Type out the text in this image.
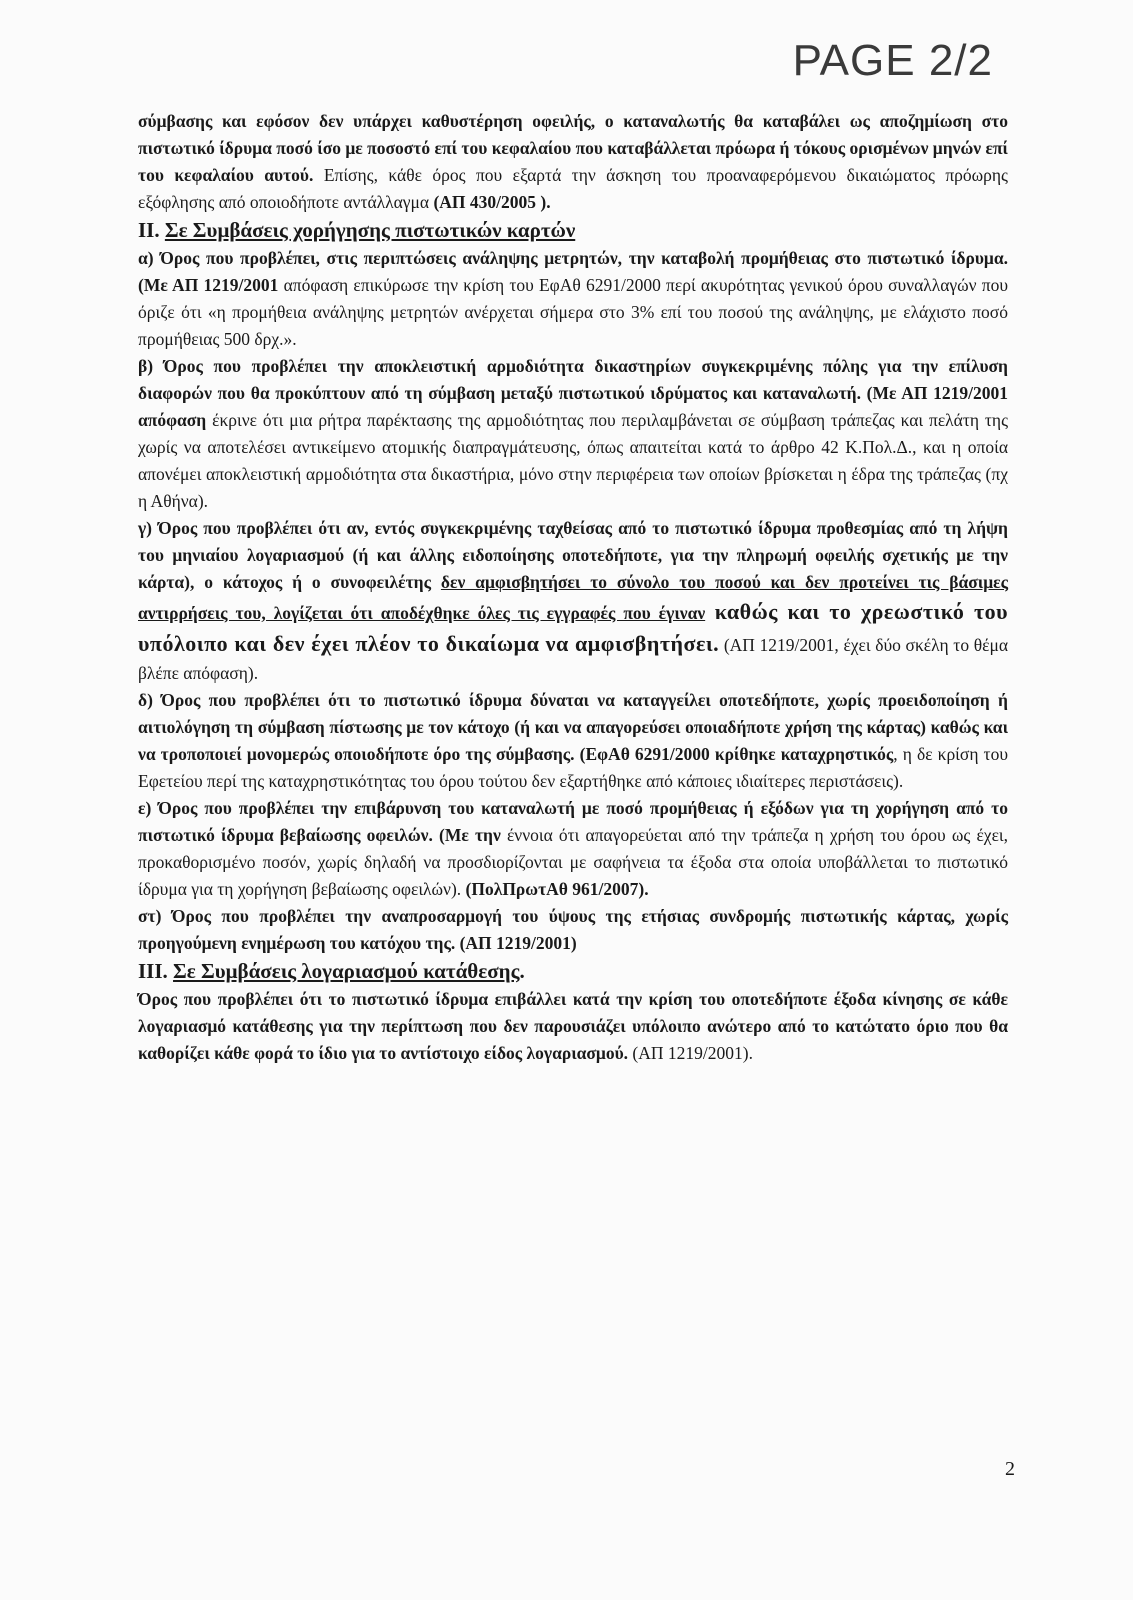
PAGE 2/2

σύμβασης και εφόσον δεν υπάρχει καθυστέρηση οφειλής, ο καταναλωτής θα καταβάλει ως αποζημίωση στο πιστωτικό ίδρυμα ποσό ίσο με ποσοστό επί του κεφαλαίου που καταβάλλεται πρόωρα ή τόκους ορισμένων μηνών επί του κεφαλαίου αυτού. Επίσης, κάθε όρος που εξαρτά την άσκηση του προαναφερόμενου δικαιώματος πρόωρης εξόφλησης από οποιοδήποτε αντάλλαγμα (ΑΠ 430/2005 ).

II. Σε Συμβάσεις χορήγησης πιστωτικών καρτών

α) Όρος που προβλέπει, στις περιπτώσεις ανάληψης μετρητών, την καταβολή προμήθειας στο πιστωτικό ίδρυμα. (Με ΑΠ 1219/2001 απόφαση επικύρωσε την κρίση του ΕφΑθ 6291/2000 περί ακυρότητας γενικού όρου συναλλαγών που όριζε ότι «η προμήθεια ανάληψης μετρητών ανέρχεται σήμερα στο 3% επί του ποσού της ανάληψης, με ελάχιστο ποσό προμήθειας 500 δρχ.».

β) Όρος που προβλέπει την αποκλειστική αρμοδιότητα δικαστηρίων συγκεκριμένης πόλης για την επίλυση διαφορών που θα προκύπτουν από τη σύμβαση μεταξύ πιστωτικού ιδρύματος και καταναλωτή. (Με ΑΠ 1219/2001 απόφαση έκρινε ότι μια ρήτρα παρέκτασης της αρμοδιότητας που περιλαμβάνεται σε σύμβαση τράπεζας και πελάτη της χωρίς να αποτελέσει αντικείμενο ατομικής διαπραγμάτευσης, όπως απαιτείται κατά το άρθρο 42 Κ.Πολ.Δ., και η οποία απονέμει αποκλειστική αρμοδιότητα στα δικαστήρια, μόνο στην περιφέρεια των οποίων βρίσκεται η έδρα της τράπεζας (πχ η Αθήνα).

γ) Όρος που προβλέπει ότι αν, εντός συγκεκριμένης ταχθείσας από το πιστωτικό ίδρυμα προθεσμίας από τη λήψη του μηνιαίου λογαριασμού (ή και άλλης ειδοποίησης οποτεδήποτε, για την πληρωμή οφειλής σχετικής με την κάρτα), ο κάτοχος ή ο συνοφειλέτης δεν αμφισβητήσει το σύνολο του ποσού και δεν προτείνει τις βάσιμες αντιρρήσεις του, λογίζεται ότι αποδέχθηκε όλες τις εγγραφές που έγιναν καθώς και το χρεωστικό του υπόλοιπο και δεν έχει πλέον το δικαίωμα να αμφισβητήσει. (ΑΠ 1219/2001, έχει δύο σκέλη το θέμα βλέπε απόφαση).

δ) Όρος που προβλέπει ότι το πιστωτικό ίδρυμα δύναται να καταγγείλει οποτεδήποτε, χωρίς προειδοποίηση ή αιτιολόγηση τη σύμβαση πίστωσης με τον κάτοχο (ή και να απαγορεύσει οποιαδήποτε χρήση της κάρτας) καθώς και να τροποποιεί μονομερώς οποιοδήποτε όρο της σύμβασης. (ΕφΑθ 6291/2000 κρίθηκε καταχρηστικός, η δε κρίση του Εφετείου περί της καταχρηστικότητας του όρου τούτου δεν εξαρτήθηκε από κάποιες ιδιαίτερες περιστάσεις).

ε) Όρος που προβλέπει την επιβάρυνση του καταναλωτή με ποσό προμήθειας ή εξόδων για τη χορήγηση από το πιστωτικό ίδρυμα βεβαίωσης οφειλών. (Με την έννοια ότι απαγορεύεται από την τράπεζα η χρήση του όρου ως έχει, προκαθορισμένο ποσόν, χωρίς δηλαδή να προσδιορίζονται με σαφήνεια τα έξοδα στα οποία υποβάλλεται το πιστωτικό ίδρυμα για τη χορήγηση βεβαίωσης οφειλών). (ΠολΠρωτΑθ 961/2007).

στ) Όρος που προβλέπει την αναπροσαρμογή του ύψους της ετήσιας συνδρομής πιστωτικής κάρτας, χωρίς προηγούμενη ενημέρωση του κατόχου της. (ΑΠ 1219/2001)

III. Σε Συμβάσεις λογαριασμού κατάθεσης.

Όρος που προβλέπει ότι το πιστωτικό ίδρυμα επιβάλλει κατά την κρίση του οποτεδήποτε έξοδα κίνησης σε κάθε λογαριασμό κατάθεσης για την περίπτωση που δεν παρουσιάζει υπόλοιπο ανώτερο από το κατώτατο όριο που θα καθορίζει κάθε φορά το ίδιο για το αντίστοιχο είδος λογαριασμού. (ΑΠ 1219/2001).

2
